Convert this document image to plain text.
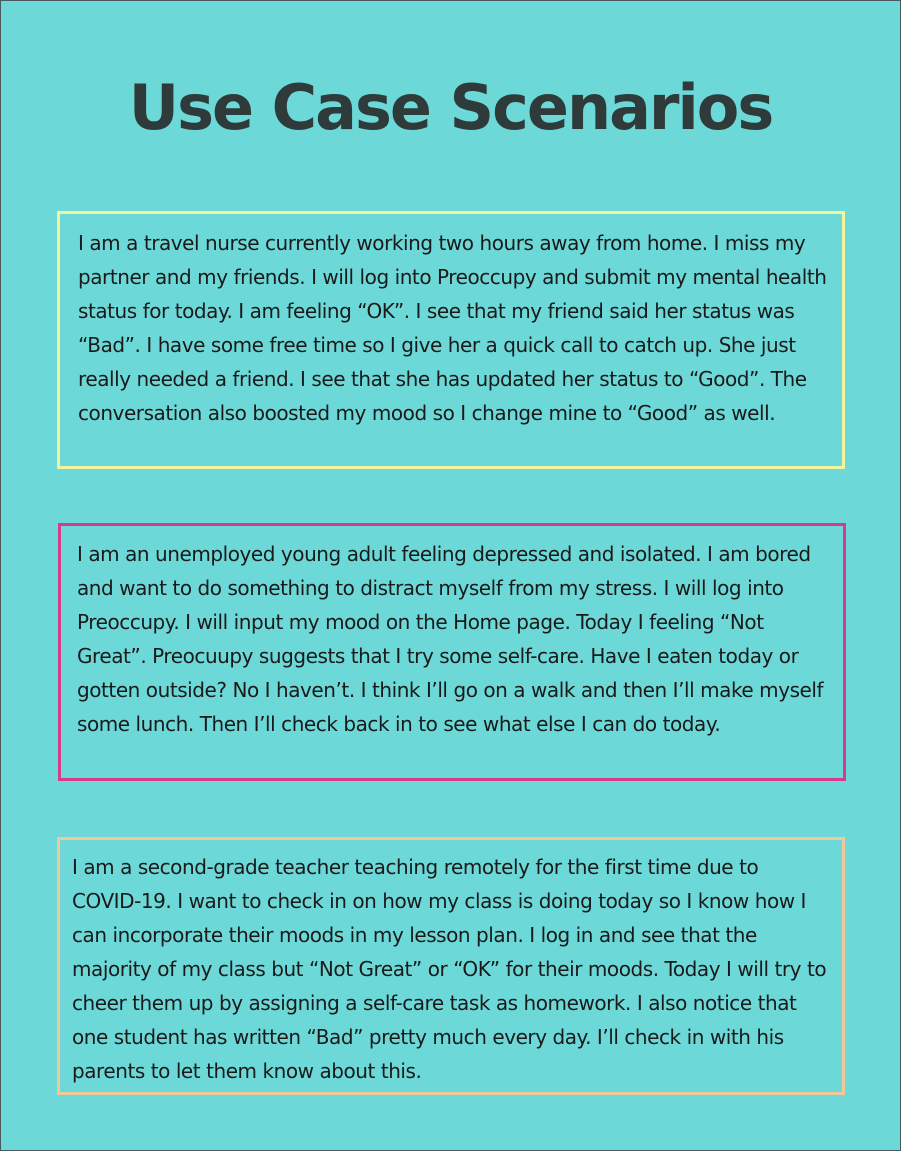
Use Case Scenarios

I am a travel nurse currently working two hours away from home. I miss my partner and my friends. I will log into Preoccupy and submit my mental health status for today. I am feeling “OK”. I see that my friend said her status was “Bad”. I have some free time so I give her a quick call to catch up. She just really needed a friend. I see that she has updated her status to “Good”. The conversation also boosted my mood so I change mine to “Good” as well.

I am an unemployed young adult feeling depressed and isolated. I am bored and want to do something to distract myself from my stress. I will log into Preoccupy. I will input my mood on the Home page. Today I feeling “Not Great”. Preocuupy suggests that I try some self-care. Have I eaten today or gotten outside? No I haven’t. I think I’ll go on a walk and then I’ll make myself some lunch. Then I’ll check back in to see what else I can do today.

I am a second-grade teacher teaching remotely for the first time due to COVID-19. I want to check in on how my class is doing today so I know how I can incorporate their moods in my lesson plan. I log in and see that the majority of my class but “Not Great” or “OK” for their moods. Today I will try to cheer them up by assigning a self-care task as homework. I also notice that one student has written “Bad” pretty much every day. I’ll check in with his parents to let them know about this.
